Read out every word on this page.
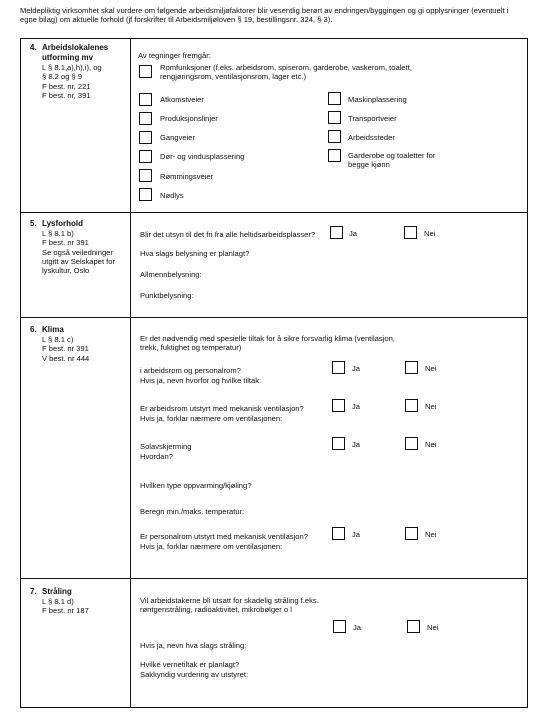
Meldepliktig virksomhet skal vurdere om følgende arbeidsmiljøfaktorer blir vesentlig berørt av endringen/byggingen og gi opplysninger (eventuelt i egne bilag) om aktuelle forhold (jf forskrifter til Arbeidsmiljøloven § 19, bestillingsnr. 324, § 3).
4. Arbeidslokalenes
utforming mv
L § 8.1,a),h),i), og
§ 8.2 og § 9
F best. nr, 221
F best. nr, 391
Av tegninger fremgår:
Romfunksjoner (f.eks. arbeidsrom, spiserom, garderobe, vaskerom, toalett, rengjøringsrom, ventilasjonsrom, lager etc.)
Atkomstveier
Produksjonslinjer
Gangveier
Dør- og vindusplassering
Rømmingsveier
Nødlys
Maskinplassering
Transportveier
Arbeidssteder
Garderobe og toaletter for begge kjønn
5. Lysforhold
L § 8.1 b)
F best. nr 391
Se også veiledninger
utgitt av Selskapet for
lyskultur, Oslo
Blir det utsyn til det fri fra alle heltidsarbeidsplasser?	Ja	Nei
Hva slags belysning er planlagt?
Allmennbelysning:
Punktbelysning:
6. Klima
L § 8.1 c)
F best. nr 391
V best. nr 444
Er det nødvendig med spesielle tiltak for å sikre forsvarlig klima (ventilasjon, trekk, fuktighet og temperatur)
i arbeidsrom og personalrom?
Hvis ja, nevn hvorfor og hvilke tiltak:
Ja	Nei
Er arbeidsrom utstyrt med mekanisk ventilasjon?
Hvis ja, forklar nærmere om ventilasjonen:
Ja	Nei
Solavskjerming
Hvordan?
Ja	Nei
Hvilken type oppvarming/kjøling?
Beregn min./maks. temperatur:
Er personalrom utstyrt med mekanisk ventilasjon?
Hvis ja, forklar nærmere om ventilasjonen:
Ja	Nei
7. Stråling
L § 8.1 d)
F best. nr 187
Vil arbeidstakerne bli utsatt for skadelig stråling f.eks. røntgenstråling, radioaktivitet, mikrobølger o l
Ja	Nei
Hvis ja, nevn hva slags stråling:
Hvilke vernetiltak er planlagt?
Sakkyndig vurdering av utstyret:
